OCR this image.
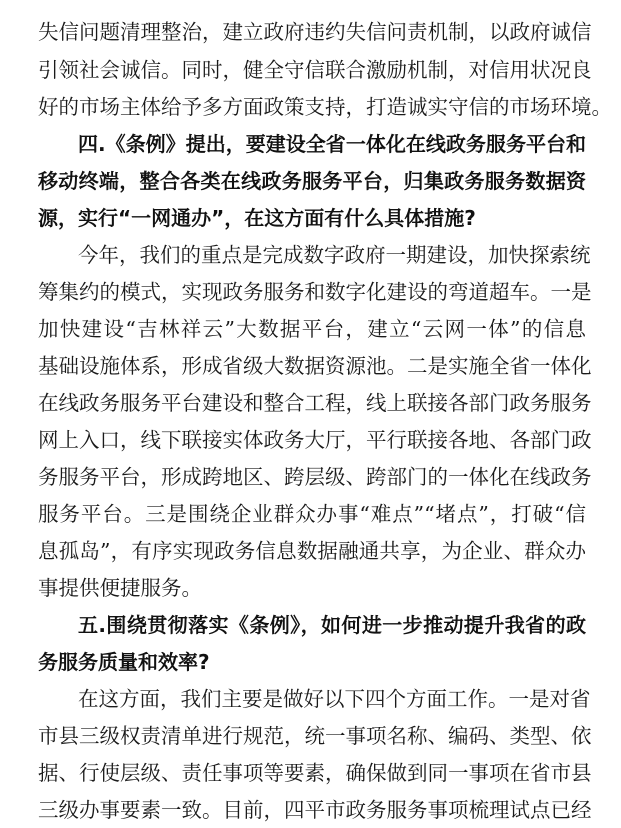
失信问题清理整治，建立政府违约失信问责机制，以政府诚信
引领社会诚信。同时，健全守信联合激励机制，对信用状况良
好的市场主体给予多方面政策支持，打造诚实守信的市场环境。
四.《条例》提出，要建设全省一体化在线政务服务平台和
移动终端，整合各类在线政务服务平台，归集政务服务数据资
源，实行“一网通办”，在这方面有什么具体措施?
今年，我们的重点是完成数字政府一期建设，加快探索统
筹集约的模式，实现政务服务和数字化建设的弯道超车。一是
加快建设“吉林祥云”大数据平台，建立“云网一体”的信息
基础设施体系，形成省级大数据资源池。二是实施全省一体化
在线政务服务平台建设和整合工程，线上联接各部门政务服务
网上入口，线下联接实体政务大厅，平行联接各地、各部门政
务服务平台，形成跨地区、跨层级、跨部门的一体化在线政务
服务平台。三是围绕企业群众办事“难点”“堵点”，打破“信
息孤岛”，有序实现政务信息数据融通共享，为企业、群众办
事提供便捷服务。
五.围绕贯彻落实《条例》，如何进一步推动提升我省的政
务服务质量和效率?
在这方面，我们主要是做好以下四个方面工作。一是对省
市县三级权责清单进行规范，统一事项名称、编码、类型、依
据、行使层级、责任事项等要素，确保做到同一事项在省市县
三级办事要素一致。目前，四平市政务服务事项梳理试点已经
